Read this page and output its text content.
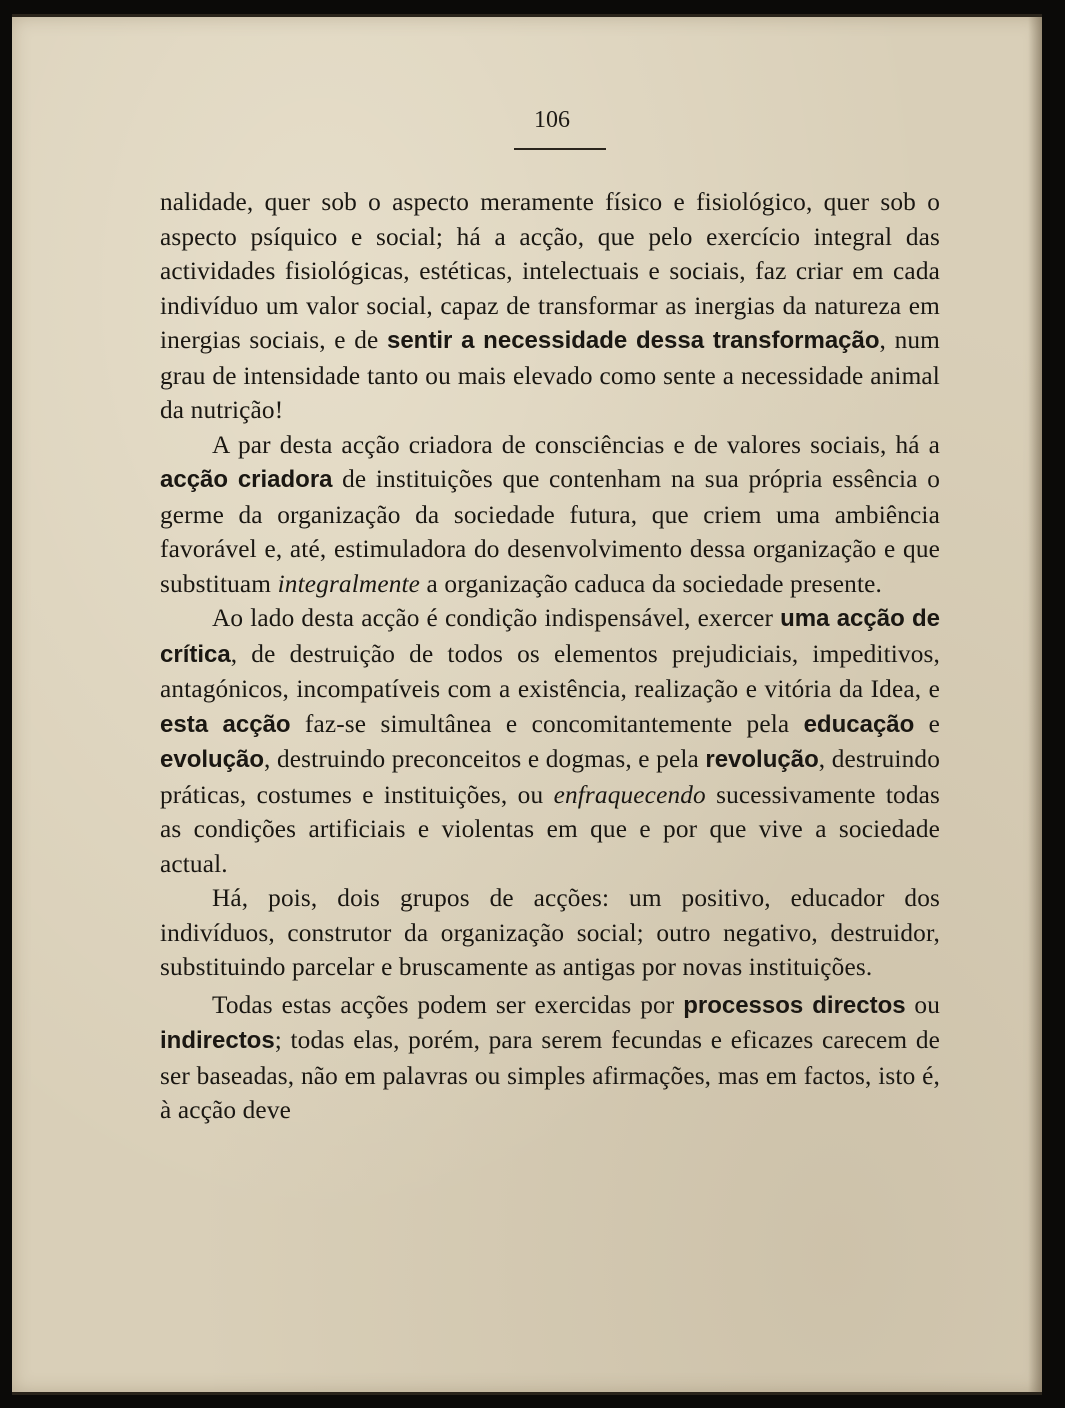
106

nalidade, quer sob o aspecto meramente físico e fisiológico, quer sob o aspecto psíquico e social; há a acção, que pelo exercício integral das actividades fisiológicas, estéticas, intelectuais e sociais, faz criar em cada indivíduo um valor social, capaz de transformar as inergias da natureza em inergias sociais, e de sentir a necessidade dessa transformação, num grau de intensidade tanto ou mais elevado como sente a necessidade animal da nutrição!

A par desta acção criadora de consciências e de valores sociais, há a acção criadora de instituições que contenham na sua própria essência o germe da organização da sociedade futura, que criem uma ambiência favorável e, até, estimuladora do desenvolvimento dessa organização e que substituam integralmente a organização caduca da sociedade presente.

Ao lado desta acção é condição indispensável, exercer uma acção de crítica, de destruição de todos os elementos prejudiciais, impeditivos, antagónicos, incompatíveis com a existência, realização e vitória da Idea, e esta acção faz-se simultânea e concomitantemente pela educação e evolução, destruindo preconceitos e dogmas, e pela revolução, destruindo práticas, costumes e instituições, ou enfraquecendo sucessivamente todas as condições artificiais e violentas em que e por que vive a sociedade actual.

Há, pois, dois grupos de acções: um positivo, educador dos indivíduos, construtor da organização social; outro negativo, destruidor, substituindo parcelar e bruscamente as antigas por novas instituições.

Todas estas acções podem ser exercidas por processos directos ou indirectos; todas elas, porém, para serem fecundas e eficazes carecem de ser baseadas, não em palavras ou simples afirmações, mas em factos, isto é, à acção deve
